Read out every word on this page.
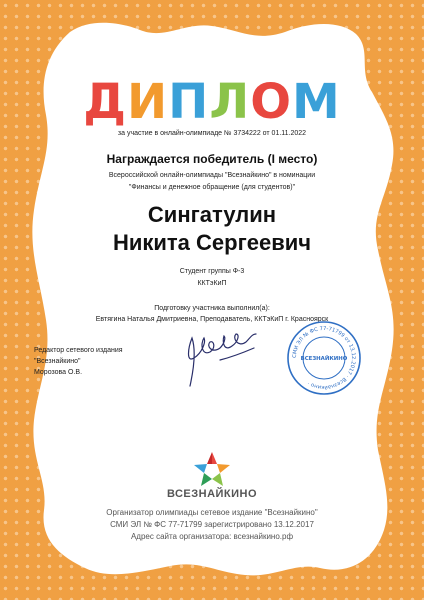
ДИПЛОМ
за участие в онлайн-олимпиаде № 3734222 от 01.11.2022
Награждается победитель (I место)
Всероссийской онлайн-олимпиады "Всезнайкино" в номинации
"Финансы и денежное обращение (для студентов)"
Сингатулин
Никита Сергеевич
Студент группы Ф-3
ККТэКиП
Подготовку участника выполнил(а):
Евтягина Наталья Дмитриевна, Преподаватель, ККТэКиП г. Красноярск
Редактор сетевого издания
"Всезнайкино"
Морозова О.В.
СМИ ЭЛ № ФС 77-71799 от 13.12.2017 · Всезнайкино ·
ВСЕЗНАЙКИНО
ВСЕЗНАЙКИНО
Организатор олимпиады сетевое издание "Всезнайкино"
СМИ ЭЛ № ФС 77-71799 зарегистрировано 13.12.2017
Адрес сайта организатора: всезнайкино.рф
